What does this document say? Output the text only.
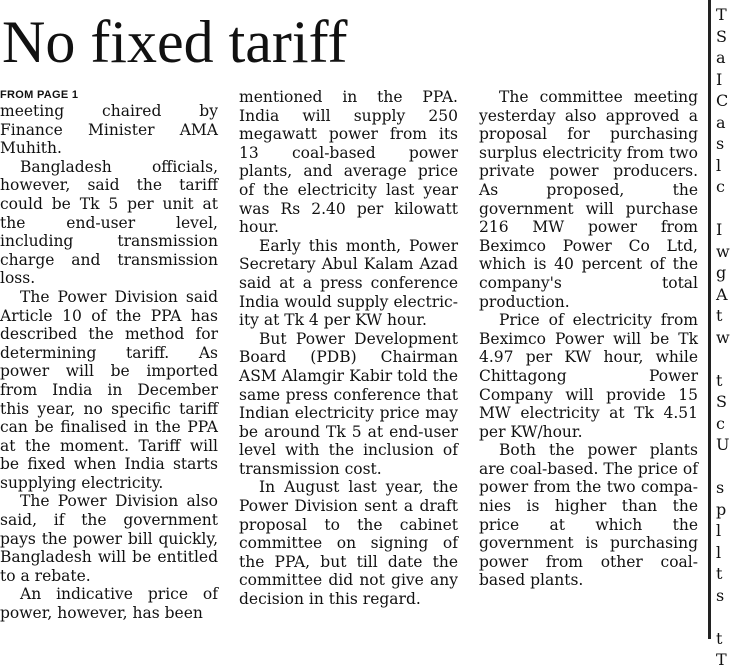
No fixed tariff
FROM PAGE 1

meeting chaired by Finance Minister AMA Muhith.

Bangladesh officials, however, said the tariff could be Tk 5 per unit at the end-user level, including transmission charge and transmission loss.

The Power Division said Article 10 of the PPA has described the method for determining tariff. As power will be imported from India in December this year, no specific tariff can be finalised in the PPA at the moment. Tariff will be fixed when India starts supplying electricity.

The Power Division also said, if the government pays the power bill quickly, Bangladesh will be entitled to a rebate.

An indicative price of power, however, has been

mentioned in the PPA. India will supply 250 megawatt power from its 13 coal-based power plants, and average price of the electricity last year was Rs 2.40 per kilowatt hour.

Early this month, Power Secretary Abul Kalam Azad said at a press conference India would supply electricity at Tk 4 per KW hour.

But Power Development Board (PDB) Chairman ASM Alamgir Kabir told the same press conference that Indian electricity price may be around Tk 5 at end-user level with the inclusion of transmission cost.

In August last year, the Power Division sent a draft proposal to the cabinet committee on signing of the PPA, but till date the committee did not give any decision in this regard.

The committee meeting yesterday also approved a proposal for purchasing surplus electricity from two private power producers. As proposed, the government will purchase 216 MW power from Beximco Power Co Ltd, which is 40 percent of the company's total production.

Price of electricity from Beximco Power will be Tk 4.97 per KW hour, while Chittagong Power Company will provide 15 MW electricity at Tk 4.51 per KW/hour.

Both the power plants are coal-based. The price of power from the two companies is higher than the price at which the government is purchasing power from other coal-based plants.

T
S
a
I
C
a
s
l
c

I
w
g
A
t
w

t
S
c
U

s
p
l
l
t
s

t
T
